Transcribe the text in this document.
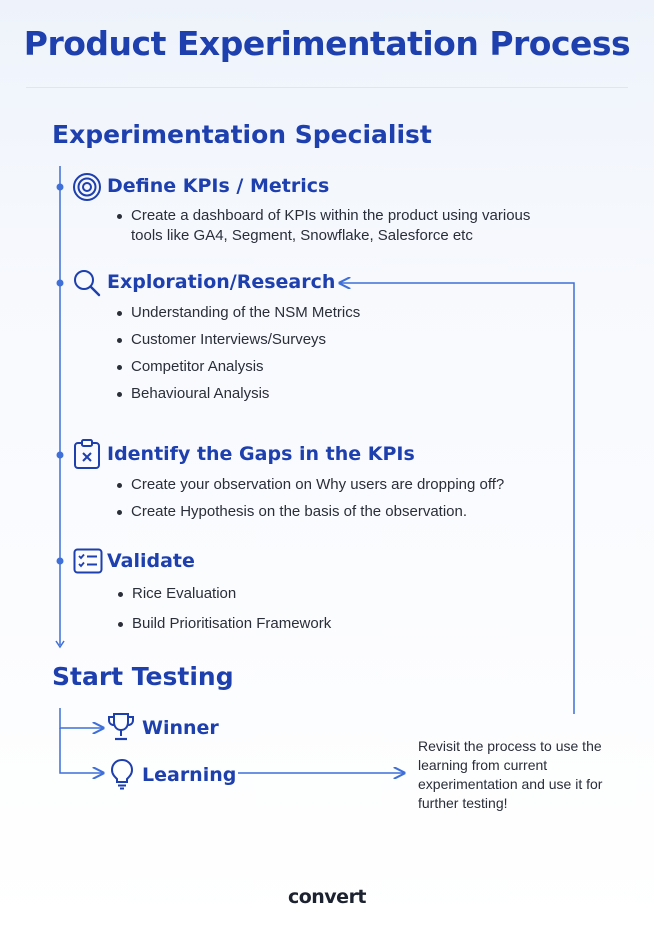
Product Experimentation Process
Experimentation Specialist
Define KPIs / Metrics
Create a dashboard of KPIs within the product using various tools like GA4, Segment, Snowflake, Salesforce etc
Exploration/Research
Understanding of the NSM Metrics
Customer Interviews/Surveys
Competitor Analysis
Behavioural Analysis
Identify the Gaps in the KPIs
Create your observation on Why users are dropping off?
Create Hypothesis on the basis of the observation.
Validate
Rice Evaluation
Build Prioritisation Framework
Start Testing
Winner
Learning
Revisit the process to use the learning from current experimentation and use it for further testing!
convert
